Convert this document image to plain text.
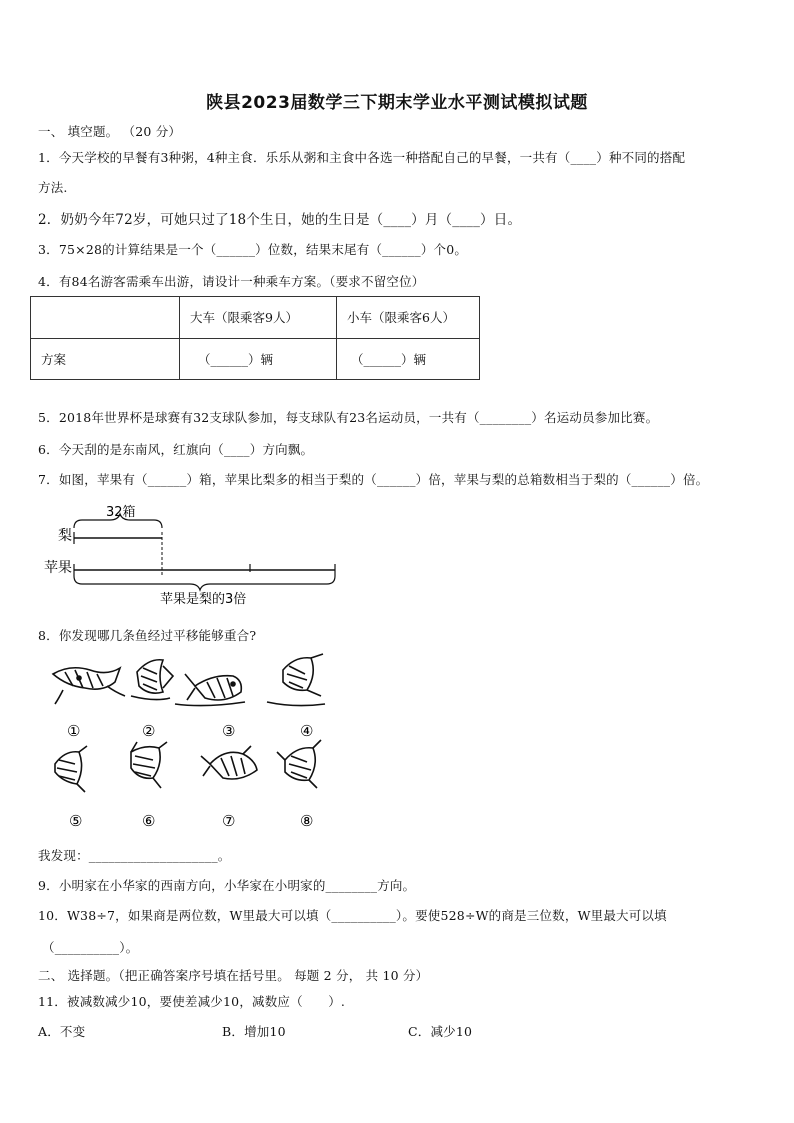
陕县2023届数学三下期末学业水平测试模拟试题
一、 填空题。 （20 分）
1．今天学校的早餐有3种粥，4种主食．乐乐从粥和主食中各选一种搭配自己的早餐，一共有（____）种不同的搭配
方法.
2．奶奶今年72岁，可她只过了18个生日，她的生日是（____）月（____）日。
3．75×28的计算结果是一个（______）位数，结果末尾有（______）个0。
4．有84名游客需乘车出游，请设计一种乘车方案。（要求不留空位）
	大车（限乘客9人）	小车（限乘客6人）
方案	（______）辆	（______）辆
5．2018年世界杯是球赛有32支球队参加，每支球队有23名运动员，一共有（________）名运动员参加比赛。
6．今天刮的是东南风，红旗向（____）方向飘。
7．如图，苹果有（______）箱，苹果比梨多的相当于梨的（______）倍，苹果与梨的总箱数相当于梨的（______）倍。
32箱
梨
苹果
苹果是梨的3倍
8．你发现哪几条鱼经过平移能够重合?
①	②	③	④
⑤	⑥	⑦	⑧
我发现：____________________。
9．小明家在小华家的西南方向，小华家在小明家的________方向。
10．W38÷7，如果商是两位数，W里最大可以填（__________）。要使528÷W的商是三位数，W里最大可以填
（__________）。
二、 选择题。（把正确答案序号填在括号里。 每题 2 分， 共 10 分）
11．被减数减少10，要使差减少10，减数应（　　）.
A．不变	B．增加10	C．减少10
